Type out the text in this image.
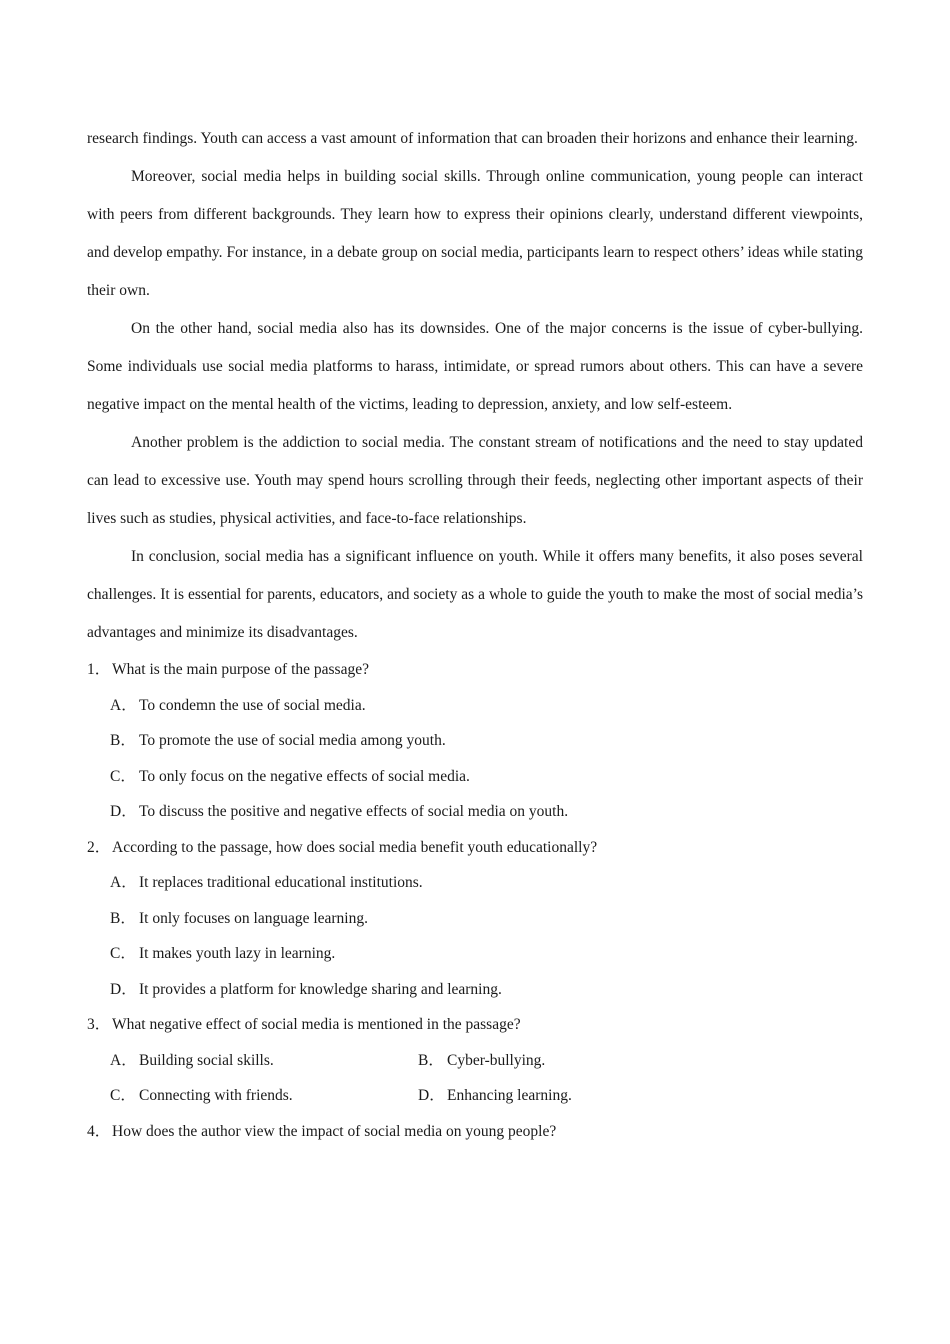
research findings. Youth can access a vast amount of information that can broaden their horizons and enhance their learning.

Moreover, social media helps in building social skills. Through online communication, young people can interact with peers from different backgrounds. They learn how to express their opinions clearly, understand different viewpoints, and develop empathy. For instance, in a debate group on social media, participants learn to respect others’ ideas while stating their own.

On the other hand, social media also has its downsides. One of the major concerns is the issue of cyber-bullying. Some individuals use social media platforms to harass, intimidate, or spread rumors about others. This can have a severe negative impact on the mental health of the victims, leading to depression, anxiety, and low self-esteem.

Another problem is the addiction to social media. The constant stream of notifications and the need to stay updated can lead to excessive use. Youth may spend hours scrolling through their feeds, neglecting other important aspects of their lives such as studies, physical activities, and face-to-face relationships.

In conclusion, social media has a significant influence on youth. While it offers many benefits, it also poses several challenges. It is essential for parents, educators, and society as a whole to guide the youth to make the most of social media’s advantages and minimize its disadvantages.

1． What is the main purpose of the passage?

A． To condemn the use of social media.

B． To promote the use of social media among youth.

C． To only focus on the negative effects of social media.

D． To discuss the positive and negative effects of social media on youth.

2． According to the passage, how does social media benefit youth educationally?

A． It replaces traditional educational institutions.

B． It only focuses on language learning.

C． It makes youth lazy in learning.

D． It provides a platform for knowledge sharing and learning.

3． What negative effect of social media is mentioned in the passage?

A． Building social skills.	B． Cyber-bullying.
C． Connecting with friends.	D． Enhancing learning.

4． How does the author view the impact of social media on young people?
